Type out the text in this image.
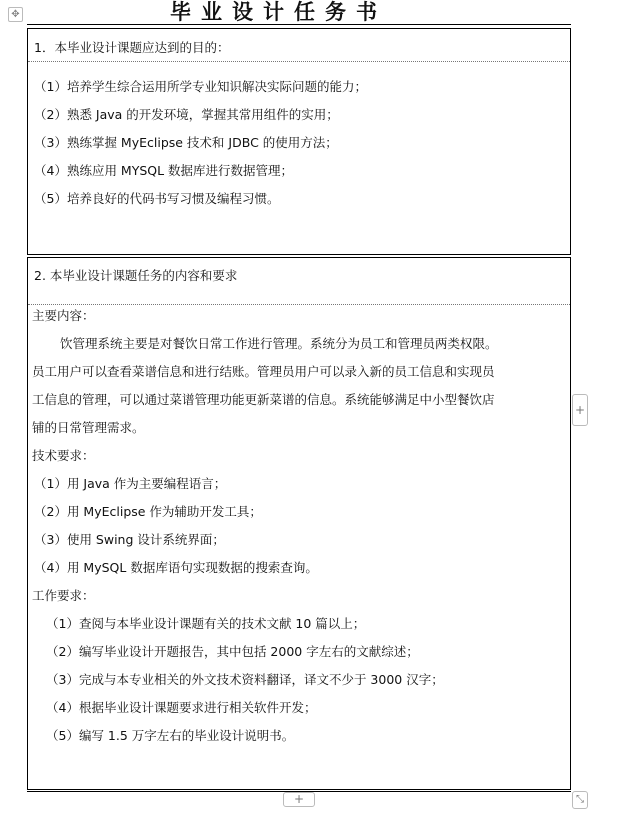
✥	毕业设计任务书
1．本毕业设计课题应达到的目的：
（1）培养学生综合运用所学专业知识解决实际问题的能力；
（2）熟悉 Java 的开发环境，掌握其常用组件的实用；
（3）熟练掌握 MyEclipse 技术和 JDBC 的使用方法；
（4）熟练应用 MYSQL 数据库进行数据管理；
（5）培养良好的代码书写习惯及编程习惯。
2. 本毕业设计课题任务的内容和要求
主要内容：
饮管理系统主要是对餐饮日常工作进行管理。系统分为员工和管理员两类权限。
员工用户可以查看菜谱信息和进行结账。管理员用户可以录入新的员工信息和实现员
工信息的管理，可以通过菜谱管理功能更新菜谱的信息。系统能够满足中小型餐饮店
铺的日常管理需求。
技术要求：
（1）用 Java 作为主要编程语言；
（2）用 MyEclipse 作为辅助开发工具；
（3）使用 Swing 设计系统界面；
（4）用 MySQL 数据库语句实现数据的搜索查询。
工作要求：
（1）查阅与本毕业设计课题有关的技术文献 10 篇以上；
（2）编写毕业设计开题报告，其中包括 2000 字左右的文献综述；
（3）完成与本专业相关的外文技术资料翻译，译文不少于 3000 汉字；
（4）根据毕业设计课题要求进行相关软件开发；
（5）编写 1.5 万字左右的毕业设计说明书。
+
+	⤡
